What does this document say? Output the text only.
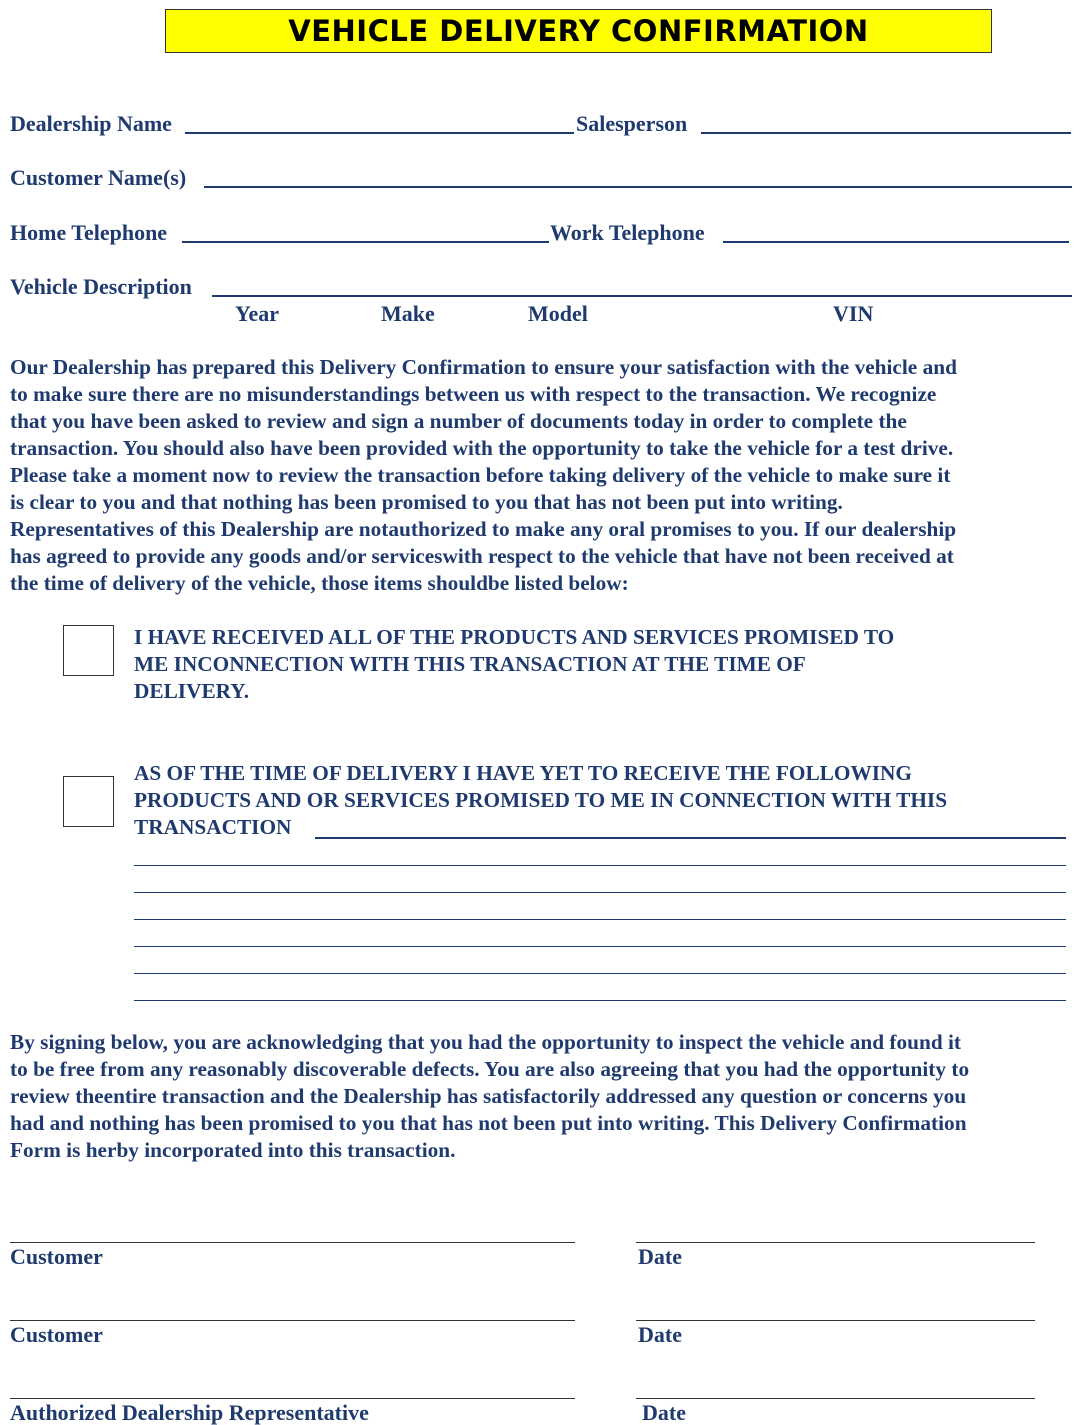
VEHICLE DELIVERY CONFIRMATION
Dealership Name	Salesperson
Customer Name(s)
Home Telephone	Work Telephone
Vehicle Description
Year	Make	Model	VIN

Our Dealership has prepared this Delivery Confirmation to ensure your satisfaction with the vehicle and

to make sure there are no misunderstandings between us with respect to the transaction. We recognize

that you have been asked to review and sign a number of documents today in order to complete the

transaction. You should also have been provided with the opportunity to take the vehicle for a test drive.

Please take a moment now to review the transaction before taking delivery of the vehicle to make sure it

is clear to you and that nothing has been promised to you that has not been put into writing.

Representatives of this Dealership are notauthorized to make any oral promises to you. If our dealership

has agreed to provide any goods and/or serviceswith respect to the vehicle that have not been received at

the time of delivery of the vehicle, those items shouldbe listed below:

I HAVE RECEIVED ALL OF THE PRODUCTS AND SERVICES PROMISED TO

ME INCONNECTION WITH THIS TRANSACTION AT THE TIME OF

DELIVERY.

AS OF THE TIME OF DELIVERY I HAVE YET TO RECEIVE THE FOLLOWING

PRODUCTS AND OR SERVICES PROMISED TO ME IN CONNECTION WITH THIS

TRANSACTION

By signing below, you are acknowledging that you had the opportunity to inspect the vehicle and found it

to be free from any reasonably discoverable defects. You are also agreeing that you had the opportunity to

review theentire transaction and the Dealership has satisfactorily addressed any question or concerns you

had and nothing has been promised to you that has not been put into writing. This Delivery Confirmation

Form is herby incorporated into this transaction.

Customer	Date
Customer	Date
Authorized Dealership Representative	Date
